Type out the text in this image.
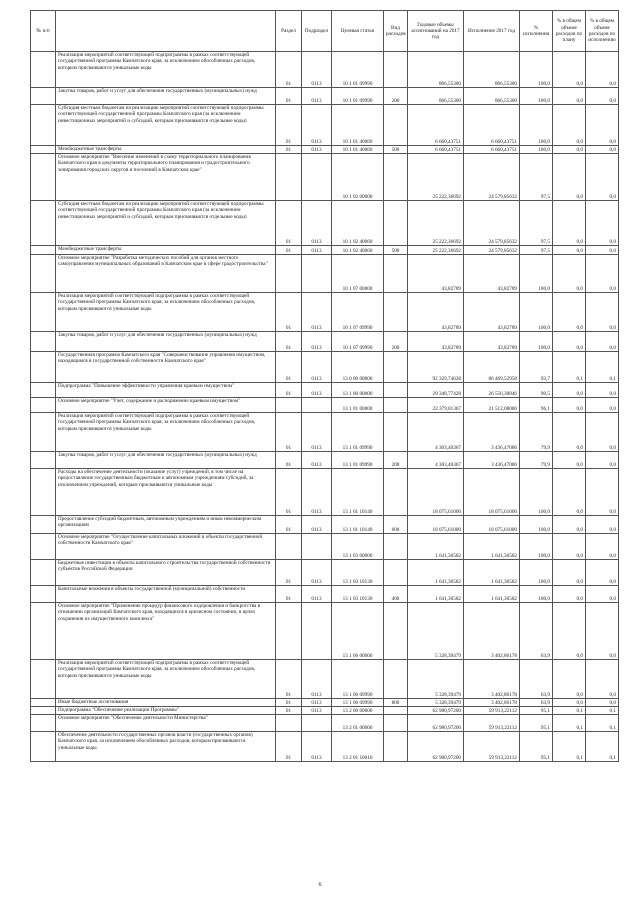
№ п/п		Раздел	Подраздел	Целевая статья	Вид расходов	Годовые объемы ассигнований на 2017 год	Исполнение 2017 год	% исполнения	% в общем объеме расходов по плану	% в общем объеме расходов по исполнению
	Реализация мероприятий соответствующей подпрограммы в рамках соответствующей государственной программы Камчатского края, за исключением обособленных расходов, которым присваиваются уникальные коды	01	0113	10 1 01 09990		866,55300	866,55300	100,0	0,0	0,0
	Закупка товаров, работ и услуг для обеспечения государственных (муниципальных) нужд	01	0113	10 1 01 09990	200	866,55300	866,55300	100,0	0,0	0,0
	Субсидия местным бюджетам на реализацию мероприятий соответствующей подпрограммы соответствующей государственной программы Камчатского края (за исключением инвестиционных мероприятий и субсидий, которым присваиваются отдельные коды)	01	0113	10 1 01 40060		6 660,43751	6 660,43751	100,0	0,0	0,0
	Межбюджетные трансферты	01	0113	10 1 01 40060	500	6 660,43751	6 660,43751	100,0	0,0	0,0
	Основное мероприятие "Внесение изменений в схему территориального планирования Камчатского края в документы территориального планирования и градостроительного зонирования городских округов и поселений в Камчатском крае"			10 1 02 00000		25 222,36692	24 579,85632	97,5	0,0	0,0
	Субсидия местным бюджетам на реализацию мероприятий соответствующей подпрограммы соответствующей государственной программы Камчатского края (за исключением инвестиционных мероприятий и субсидий, которым присваиваются отдельные коды)	01	0113	10 1 02 40060		25 222,36692	24 579,85632	97,5	0,0	0,0
	Межбюджетные трансферты	01	0113	10 1 02 40060	500	25 222,36692	24 579,85632	97,5	0,0	0,0
	Основное мероприятие "Разработка методических пособий для органов местного самоуправления муниципальных образований в Камчатском крае в сфере градостроительства"			10 1 07 00000		43,82789	43,82789	100,0	0,0	0,0
	Реализация мероприятий соответствующей подпрограммы в рамках соответствующей государственной программы Камчатского края, за исключением обособленных расходов, которым присваиваются уникальные коды	01	0113	10 1 07 09990		43,82789	43,82789	100,0	0,0	0,0
	Закупка товаров, работ и услуг для обеспечения государственных (муниципальных) нужд	01	0113	10 1 07 09990	200	43,82789	43,82789	100,0	0,0	0,0
	Государственная программа Камчатского края "Совершенствование управления имуществом, находящимся в государственной собственности Камчатского края"	01	0113	13 0 00 00000		92 329,74628	86 469,52958	93,7	0,1	0,1
	Подпрограмма "Повышение эффективности управления краевым имуществом"	01	0113	13 1 00 00000		29 348,77428	26 556,30846	90,5	0,0	0,0
	Основное мероприятие "Учет, содержание и распоряжение краевым имуществом"			13 1 01 00000		22 379,01367	21 512,08086	96,1	0,0	0,0
	Реализация мероприятий соответствующей подпрограммы в рамках соответствующей государственной программы Камчатского края, за исключением обособленных расходов, которым присваиваются уникальные коды	01	0113	13 1 01 09990		4 303,40367	3 436,47086	79,9	0,0	0,0
	Закупка товаров, работ и услуг для обеспечения государственных (муниципальных) нужд	01	0113	13 1 01 09990	200	4 303,40367	3 436,47086	79,9	0,0	0,0
	Расходы на обеспечение деятельности (оказание услуг) учреждений, в том числе на предоставление государственным бюджетным и автономным учреждениям субсидий, за исключением учреждений, которым присваиваются уникальные коды	01	0113	13 1 01 10140		18 075,61000	18 075,61000	100,0	0,0	0,0
	Предоставление субсидий бюджетным, автономным учреждениям и иным некоммерческим организациям	01	0113	13 1 01 10140	600	18 075,61000	18 075,61000	100,0	0,0	0,0
	Основное мероприятие "Осуществление капитальных вложений в объекты государственной собственности Камчатского края"			13 1 03 00000		1 641,36582	1 641,36582	100,0	0,0	0,0
	Бюджетные инвестиции в объекты капитального строительства государственной собственности субъектов Российской Федерации	01	0113	13 1 03 10130		1 641,36582	1 641,36582	100,0	0,0	0,0
	Капитальные вложения в объекты государственной (муниципальной) собственности	01	0113	13 1 03 10130	400	1 641,36582	1 641,36582	100,0	0,0	0,0
	Основное мероприятие "Применение процедур финансового оздоровления и банкротства в отношении организаций Камчатского края, находящихся в кризисном состоянии, в целях сохранения их имущественного комплекса"			13 1 06 00000		5 328,39479	3 402,86178	63,9	0,0	0,0
	Реализация мероприятий соответствующей подпрограммы в рамках соответствующей государственной программы Камчатского края, за исключением обособленных расходов, которым присваиваются уникальные коды	01	0113	13 1 06 09990		5 328,39479	3 402,86178	63,9	0,0	0,0
	Иные бюджетные ассигнования	01	0113	13 1 06 09990	800	5 328,39479	3 402,86178	63,9	0,0	0,0
	Подпрограмма "Обеспечение реализации Программы"	01	0113	13 2 00 00000		62 980,97200	59 913,22112	95,1	0,1	0,1
	Основное мероприятие "Обеспечение деятельности Министерства"			13 2 01 00000		62 980,97200	59 913,22112	95,1	0,1	0,1
	Обеспечение деятельности государственных органов власти (государственных органов) Камчатского края, за исключением обособленных расходов, которым присваиваются уникальные коды.	01	0113	13 2 01 10010		62 980,97200	59 913,22112	95,1	0,1	0,1
6
